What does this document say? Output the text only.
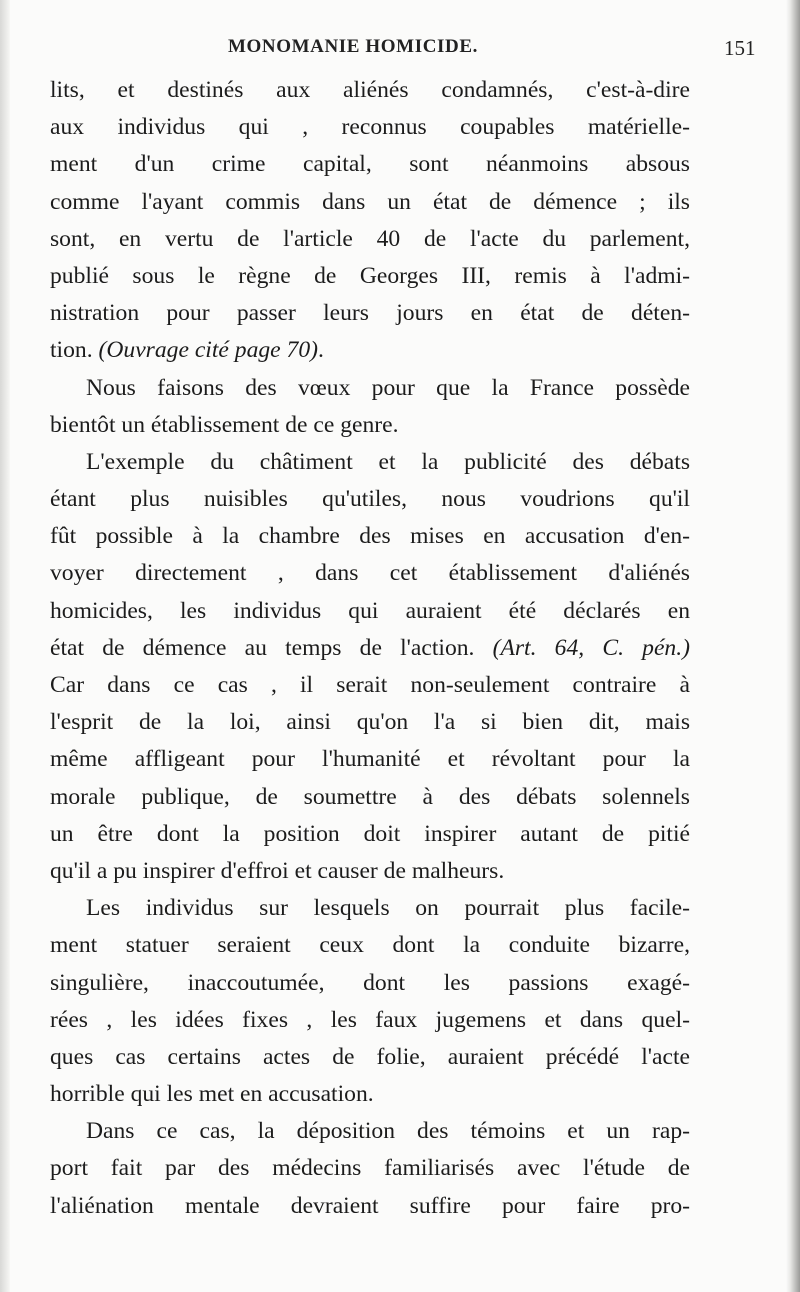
MONOMANIE HOMICIDE.	151
lits, et destinés aux aliénés condamnés, c'est-à-dire
aux individus qui , reconnus coupables matérielle-
ment d'un crime capital, sont néanmoins absous
comme l'ayant commis dans un état de démence ; ils
sont, en vertu de l'article 40 de l'acte du parlement,
publié sous le règne de Georges III, remis à l'admi-
nistration pour passer leurs jours en état de déten-
tion. (Ouvrage cité page 70).
Nous faisons des vœux pour que la France possède
bientôt un établissement de ce genre.
L'exemple du châtiment et la publicité des débats
étant plus nuisibles qu'utiles, nous voudrions qu'il
fût possible à la chambre des mises en accusation d'en-
voyer directement , dans cet établissement d'aliénés
homicides, les individus qui auraient été déclarés en
état de démence au temps de l'action. (Art. 64, C. pén.)
Car dans ce cas , il serait non-seulement contraire à
l'esprit de la loi, ainsi qu'on l'a si bien dit, mais
même affligeant pour l'humanité et révoltant pour la
morale publique, de soumettre à des débats solennels
un être dont la position doit inspirer autant de pitié
qu'il a pu inspirer d'effroi et causer de malheurs.
Les individus sur lesquels on pourrait plus facile-
ment statuer seraient ceux dont la conduite bizarre,
singulière, inaccoutumée, dont les passions exagé-
rées , les idées fixes , les faux jugemens et dans quel-
ques cas certains actes de folie, auraient précédé l'acte
horrible qui les met en accusation.
Dans ce cas, la déposition des témoins et un rap-
port fait par des médecins familiarisés avec l'étude de
l'aliénation mentale devraient suffire pour faire pro-
